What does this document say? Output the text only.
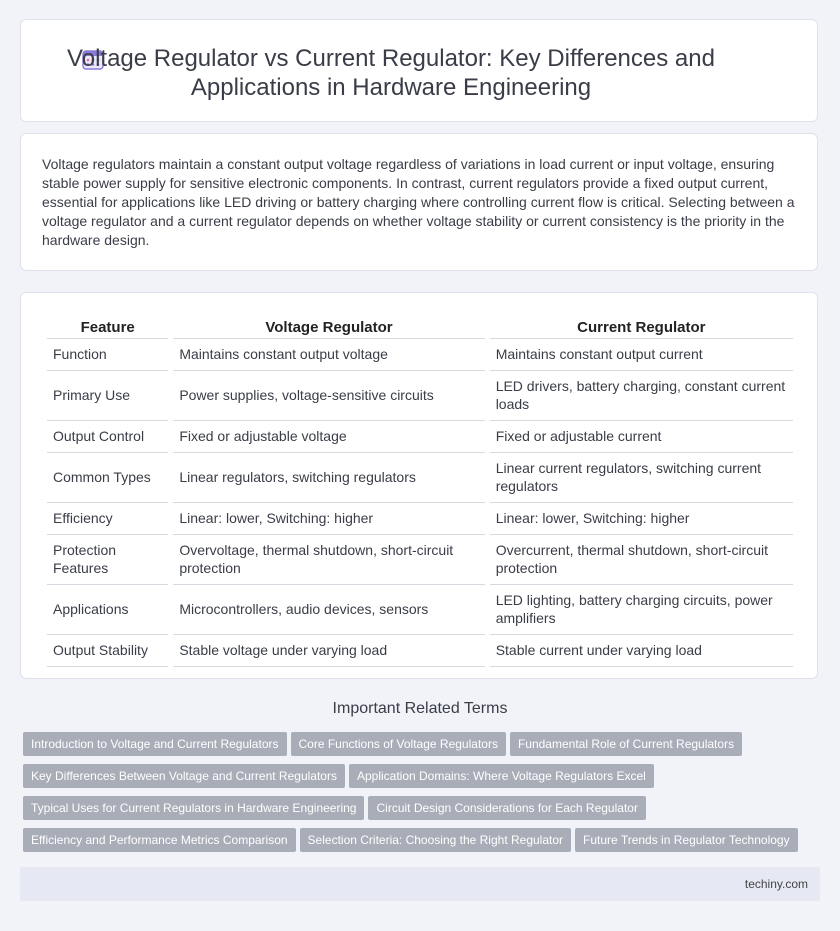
Voltage Regulator vs Current Regulator: Key Differences and Applications in Hardware Engineering

Voltage regulators maintain a constant output voltage regardless of variations in load current or input voltage, ensuring stable power supply for sensitive electronic components. In contrast, current regulators provide a fixed output current, essential for applications like LED driving or battery charging where controlling current flow is critical. Selecting between a voltage regulator and a current regulator depends on whether voltage stability or current consistency is the priority in the hardware design.

Feature	Voltage Regulator	Current Regulator
Function	Maintains constant output voltage	Maintains constant output current
Primary Use	Power supplies, voltage-sensitive circuits	LED drivers, battery charging, constant current loads
Output Control	Fixed or adjustable voltage	Fixed or adjustable current
Common Types	Linear regulators, switching regulators	Linear current regulators, switching current regulators
Efficiency	Linear: lower, Switching: higher	Linear: lower, Switching: higher
Protection Features	Overvoltage, thermal shutdown, short-circuit protection	Overcurrent, thermal shutdown, short-circuit protection
Applications	Microcontrollers, audio devices, sensors	LED lighting, battery charging circuits, power amplifiers
Output Stability	Stable voltage under varying load	Stable current under varying load
Important Related Terms
Introduction to Voltage and Current Regulators Core Functions of Voltage Regulators Fundamental Role of Current Regulators
Key Differences Between Voltage and Current Regulators Application Domains: Where Voltage Regulators Excel
Typical Uses for Current Regulators in Hardware Engineering Circuit Design Considerations for Each Regulator
Efficiency and Performance Metrics Comparison Selection Criteria: Choosing the Right Regulator Future Trends in Regulator Technology
techiny.com
